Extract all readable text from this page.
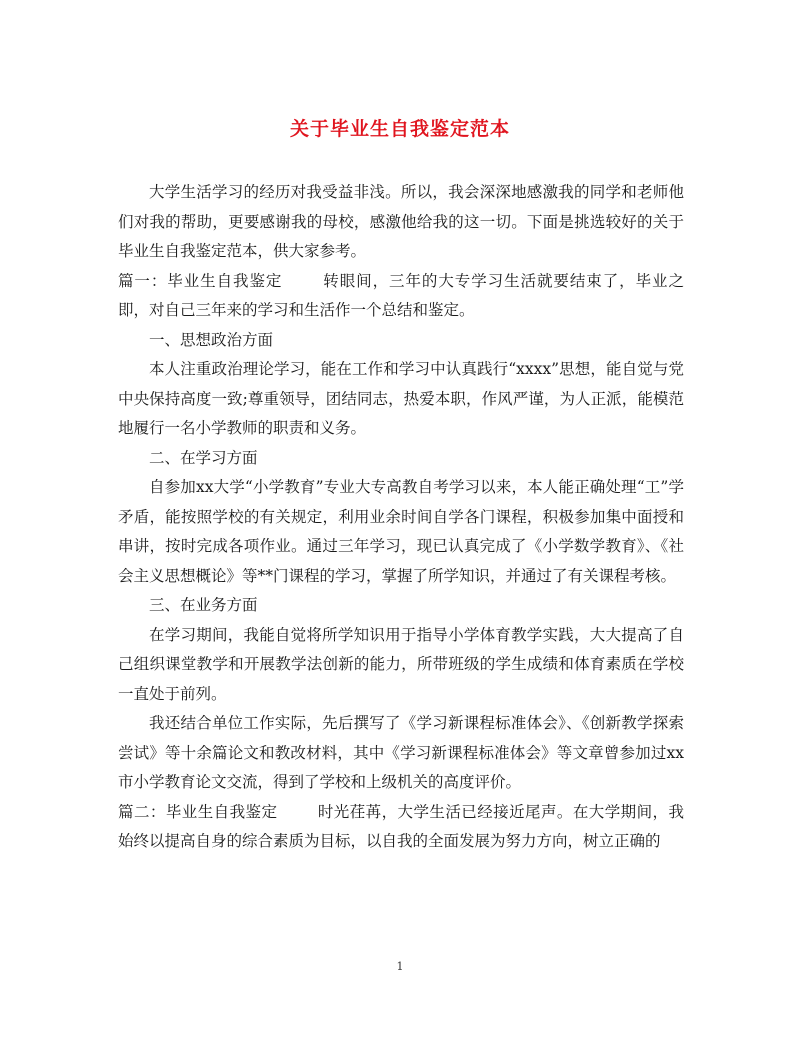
关于毕业生自我鉴定范本

大学生活学习的经历对我受益非浅。所以，我会深深地感激我的同学和老师他们对我的帮助，更要感谢我的母校，感激他给我的这一切。下面是挑选较好的关于毕业生自我鉴定范本，供大家参考。

篇一：毕业生自我鉴定	转眼间，三年的大专学习生活就要结束了，毕业之即，对自己三年来的学习和生活作一个总结和鉴定。

一、思想政治方面

本人注重政治理论学习，能在工作和学习中认真践行“xxxx”思想，能自觉与党中央保持高度一致;尊重领导，团结同志，热爱本职，作风严谨，为人正派，能模范地履行一名小学教师的职责和义务。

二、在学习方面

自参加xx大学“小学教育”专业大专高教自考学习以来，本人能正确处理“工”学矛盾，能按照学校的有关规定，利用业余时间自学各门课程，积极参加集中面授和串讲，按时完成各项作业。通过三年学习，现已认真完成了《小学数学教育》、《社会主义思想概论》等**门课程的学习，掌握了所学知识，并通过了有关课程考核。

三、在业务方面

在学习期间，我能自觉将所学知识用于指导小学体育教学实践，大大提高了自己组织课堂教学和开展教学法创新的能力，所带班级的学生成绩和体育素质在学校一直处于前列。

我还结合单位工作实际，先后撰写了《学习新课程标准体会》、《创新教学探索尝试》等十余篇论文和教改材料，其中《学习新课程标准体会》等文章曾参加过xx市小学教育论文交流，得到了学校和上级机关的高度评价。

篇二：毕业生自我鉴定	时光荏苒，大学生活已经接近尾声。在大学期间，我始终以提高自身的综合素质为目标，以自我的全面发展为努力方向，树立正确的

1
